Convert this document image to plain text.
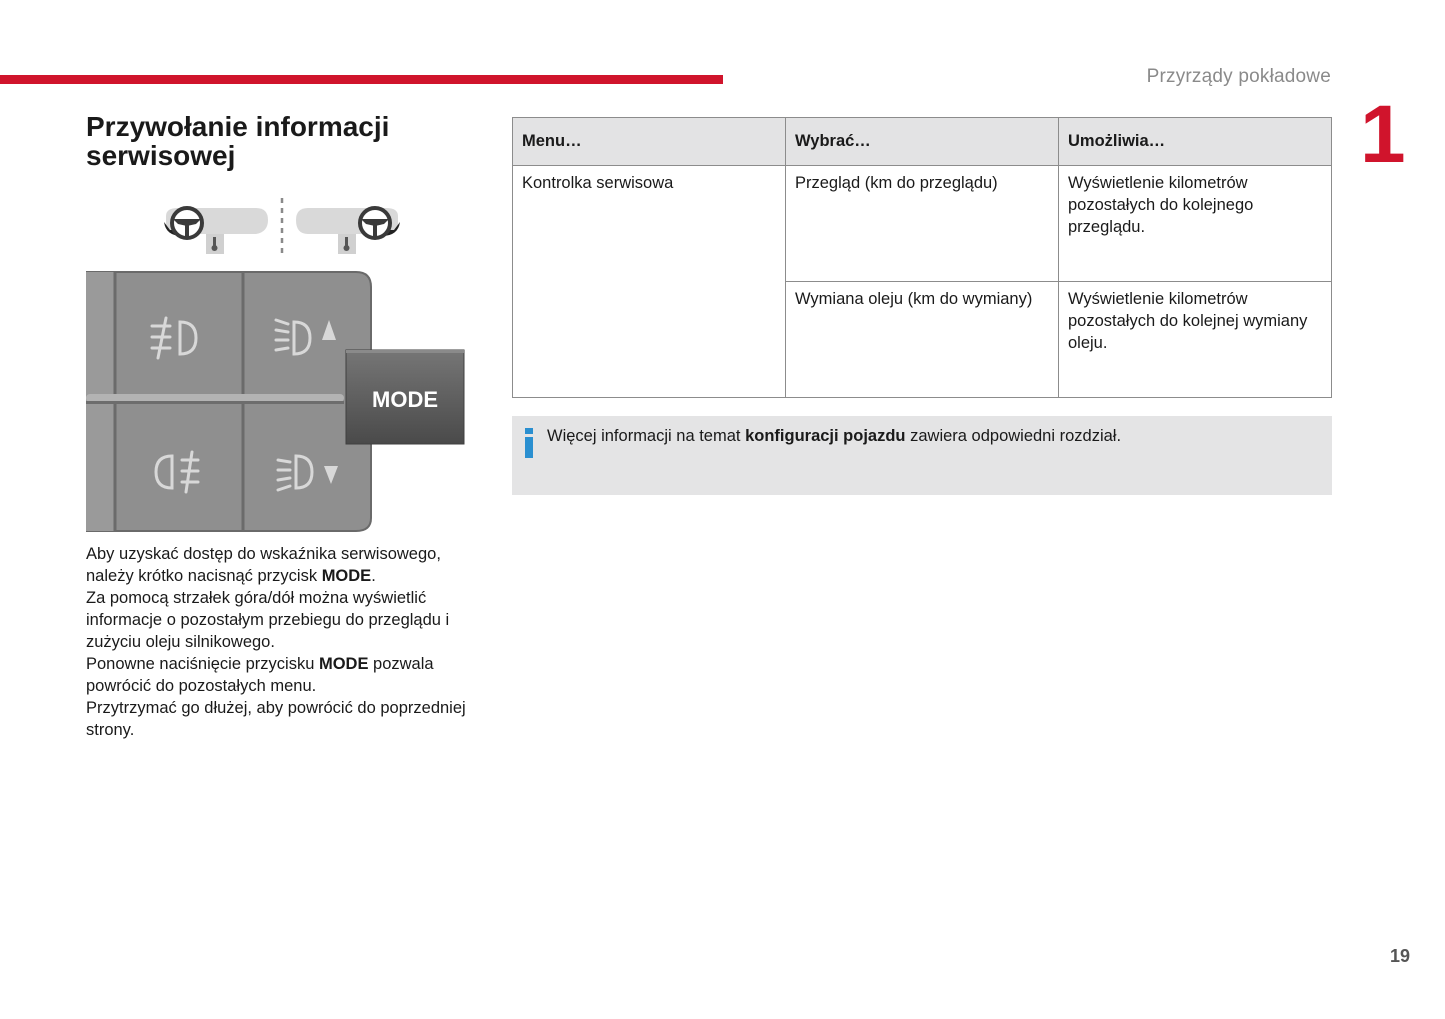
Przyrządy pokładowe
1
Przywołanie informacji
serwisowej
MODE

Aby uzyskać dostęp do wskaźnika serwisowego, należy krótko nacisnąć przycisk MODE.

Za pomocą strzałek góra/dół można wyświetlić informacje o pozostałym przebiegu do przeglądu i zużyciu oleju silnikowego.

Ponowne naciśnięcie przycisku MODE pozwala powrócić do pozostałych menu.

Przytrzymać go dłużej, aby powrócić do poprzedniej strony.

Menu…	Wybrać…	Umożliwia…
Kontrolka serwisowa	Przegląd (km do przeglądu)	Wyświetlenie kilometrów pozostałych do kolejnego przeglądu.
	Wymiana oleju (km do wymiany)	Wyświetlenie kilometrów pozostałych do kolejnej wymiany oleju.
Więcej informacji na temat konfiguracji pojazdu zawiera odpowiedni rozdział.
19
